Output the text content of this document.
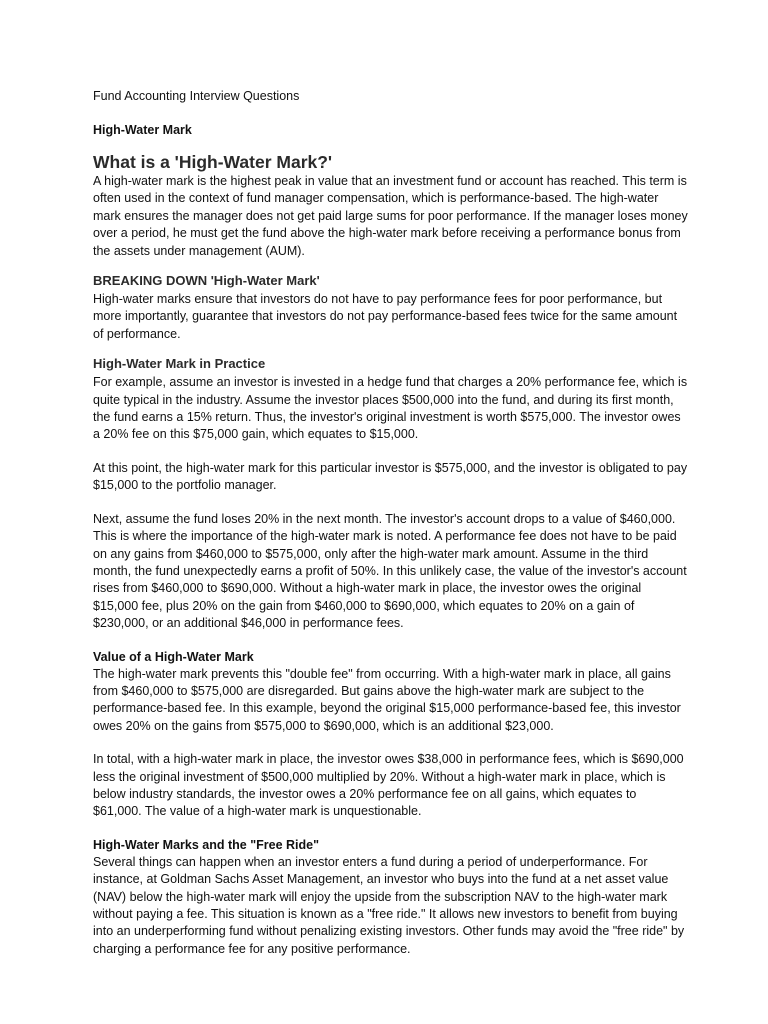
Fund Accounting Interview Questions
High-Water Mark
What is a 'High-Water Mark?'

A high-water mark is the highest peak in value that an investment fund or account has reached. This term is often used in the context of fund manager compensation, which is performance-based. The high-water mark ensures the manager does not get paid large sums for poor performance. If the manager loses money over a period, he must get the fund above the high-water mark before receiving a performance bonus from the assets under management (AUM).

BREAKING DOWN 'High-Water Mark'

High-water marks ensure that investors do not have to pay performance fees for poor performance, but more importantly, guarantee that investors do not pay performance-based fees twice for the same amount of performance.

High-Water Mark in Practice

For example, assume an investor is invested in a hedge fund that charges a 20% performance fee, which is quite typical in the industry. Assume the investor places $500,000 into the fund, and during its first month, the fund earns a 15% return. Thus, the investor's original investment is worth $575,000. The investor owes a 20% fee on this $75,000 gain, which equates to $15,000.

At this point, the high-water mark for this particular investor is $575,000, and the investor is obligated to pay $15,000 to the portfolio manager.

Next, assume the fund loses 20% in the next month. The investor's account drops to a value of $460,000. This is where the importance of the high-water mark is noted. A performance fee does not have to be paid on any gains from $460,000 to $575,000, only after the high-water mark amount. Assume in the third month, the fund unexpectedly earns a profit of 50%. In this unlikely case, the value of the investor's account rises from $460,000 to $690,000. Without a high-water mark in place, the investor owes the original $15,000 fee, plus 20% on the gain from $460,000 to $690,000, which equates to 20% on a gain of $230,000, or an additional $46,000 in performance fees.

Value of a High-Water Mark

The high-water mark prevents this "double fee" from occurring. With a high-water mark in place, all gains from $460,000 to $575,000 are disregarded. But gains above the high-water mark are subject to the performance-based fee. In this example, beyond the original $15,000 performance-based fee, this investor owes 20% on the gains from $575,000 to $690,000, which is an additional $23,000.

In total, with a high-water mark in place, the investor owes $38,000 in performance fees, which is $690,000 less the original investment of $500,000 multiplied by 20%. Without a high-water mark in place, which is below industry standards, the investor owes a 20% performance fee on all gains, which equates to $61,000. The value of a high-water mark is unquestionable.

High-Water Marks and the "Free Ride"

Several things can happen when an investor enters a fund during a period of underperformance. For instance, at Goldman Sachs Asset Management, an investor who buys into the fund at a net asset value (NAV) below the high-water mark will enjoy the upside from the subscription NAV to the high-water mark without paying a fee. This situation is known as a "free ride." It allows new investors to benefit from buying into an underperforming fund without penalizing existing investors. Other funds may avoid the "free ride" by charging a performance fee for any positive performance.
